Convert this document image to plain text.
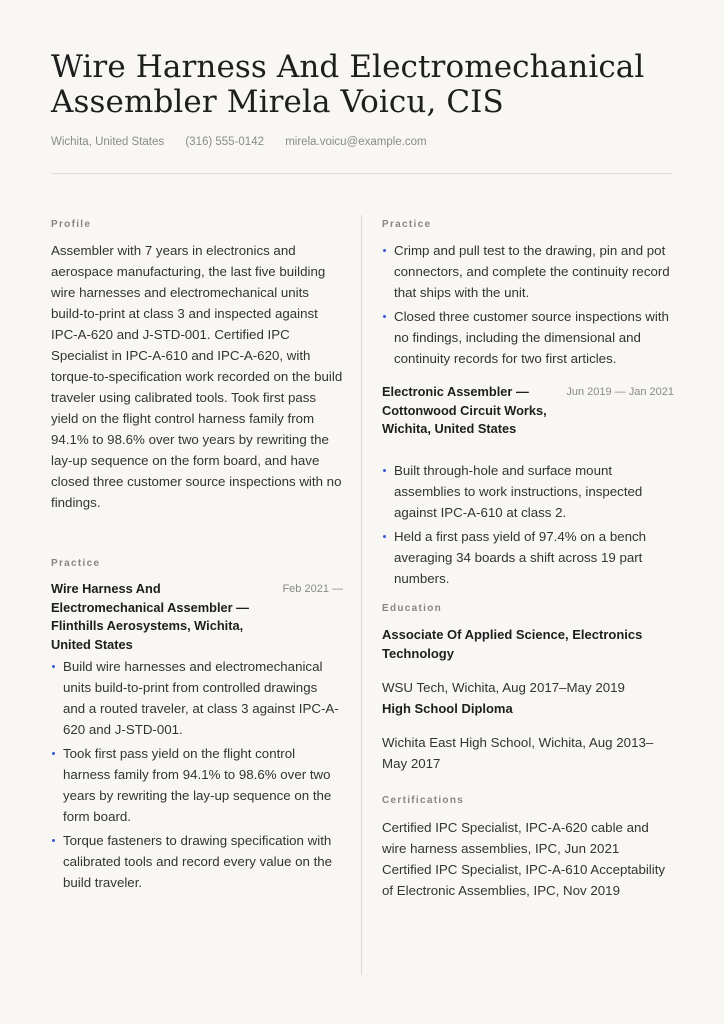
Wire Harness And Electromechanical Assembler Mirela Voicu, CIS
Wichita, United States (316) 555-0142 mirela.voicu@example.com
Profile

Assembler with 7 years in electronics and aerospace manufacturing, the last five building wire harnesses and electromechanical units build-to-print at class 3 and inspected against IPC-A-620 and J-STD-001. Certified IPC Specialist in IPC-A-610 and IPC-A-620, with torque-to-specification work recorded on the build traveler using calibrated tools. Took first pass yield on the flight control harness family from 94.1% to 98.6% over two years by rewriting the lay-up sequence on the form board, and have closed three customer source inspections with no findings.

Practice
Wire Harness And Electromechanical Assembler — Flinthills Aerosystems, Wichita, United States
Feb 2021 —
Build wire harnesses and electromechanical units build-to-print from controlled drawings and a routed traveler, at class 3 against IPC-A-620 and J-STD-001.
Took first pass yield on the flight control harness family from 94.1% to 98.6% over two years by rewriting the lay-up sequence on the form board.
Torque fasteners to drawing specification with calibrated tools and record every value on the build traveler.
Practice
Crimp and pull test to the drawing, pin and pot connectors, and complete the continuity record that ships with the unit.
Closed three customer source inspections with no findings, including the dimensional and continuity records for two first articles.
Electronic Assembler — Cottonwood Circuit Works, Wichita, United States
Jun 2019 — Jan 2021
Built through-hole and surface mount assemblies to work instructions, inspected against IPC-A-610 at class 2.
Held a first pass yield of 97.4% on a bench averaging 34 boards a shift across 19 part numbers.
Education
Associate Of Applied Science, Electronics Technology
WSU Tech, Wichita, Aug 2017–May 2019
High School Diploma
Wichita East High School, Wichita, Aug 2013–May 2017
Certifications
Certified IPC Specialist, IPC-A-620 cable and wire harness assemblies, IPC, Jun 2021
Certified IPC Specialist, IPC-A-610 Acceptability of Electronic Assemblies, IPC, Nov 2019
